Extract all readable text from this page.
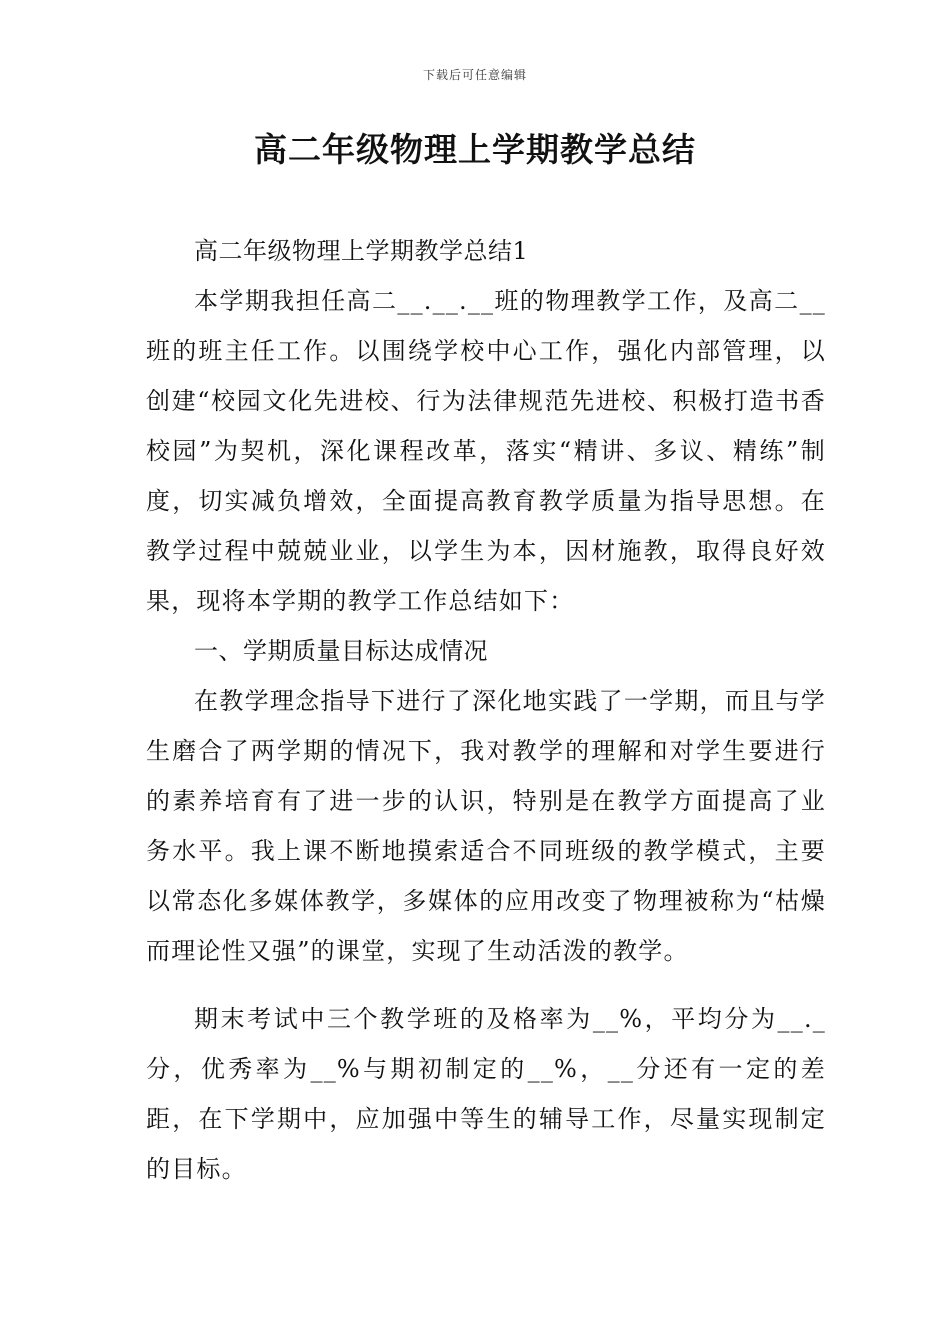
下载后可任意编辑
高二年级物理上学期教学总结

高二年级物理上学期教学总结1

本学期我担任高二__.__.__班的物理教学工作，及高二__班的班主任工作。以围绕学校中心工作，强化内部管理，以创建“校园文化先进校、行为法律规范先进校、积极打造书香校园”为契机，深化课程改革，落实“精讲、多议、精练”制度，切实减负增效，全面提高教育教学质量为指导思想。在教学过程中兢兢业业，以学生为本，因材施教，取得良好效果，现将本学期的教学工作总结如下：

一、学期质量目标达成情况

在教学理念指导下进行了深化地实践了一学期，而且与学生磨合了两学期的情况下，我对教学的理解和对学生要进行的素养培育有了进一步的认识，特别是在教学方面提高了业务水平。我上课不断地摸索适合不同班级的教学模式，主要以常态化多媒体教学，多媒体的应用改变了物理被称为“枯燥而理论性又强”的课堂，实现了生动活泼的教学。

期末考试中三个教学班的及格率为__%，平均分为__._分，优秀率为__%与期初制定的__%，__分还有一定的差距，在下学期中，应加强中等生的辅导工作，尽量实现制定的目标。
